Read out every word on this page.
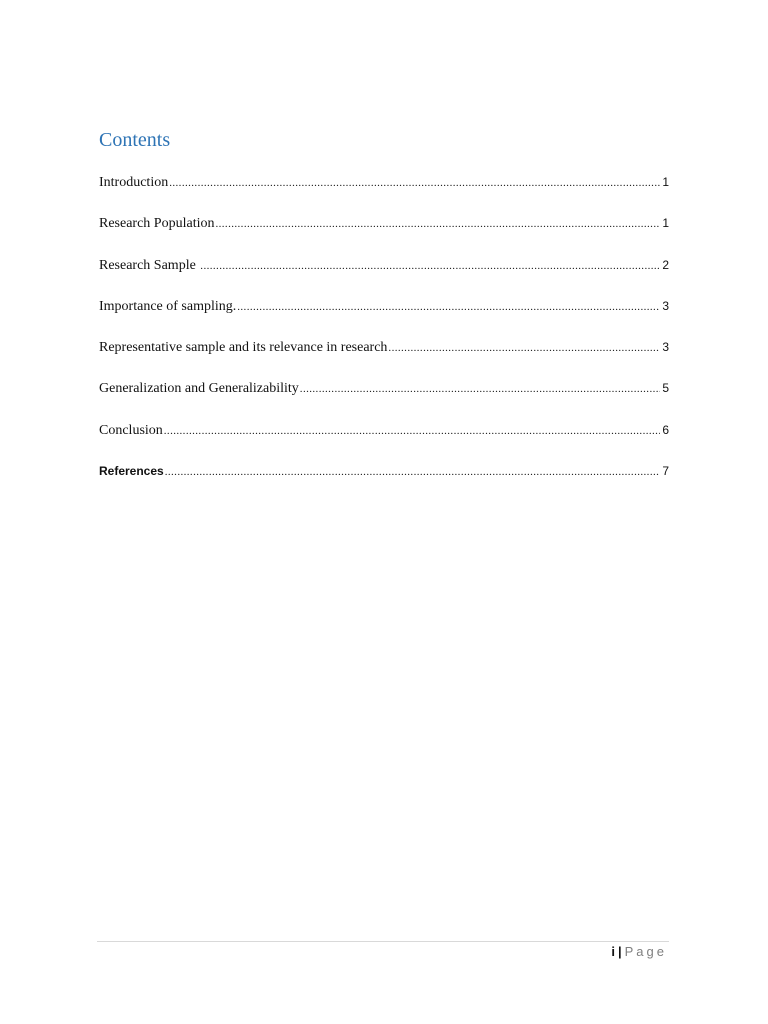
Contents
Introduction .....	1
Research Population .....	1
Research Sample .....	2
Importance of sampling. .....	3
Representative sample and its relevance in research .....	3
Generalization and Generalizability .....	5
Conclusion .....	6
References .....	7
i | Page
